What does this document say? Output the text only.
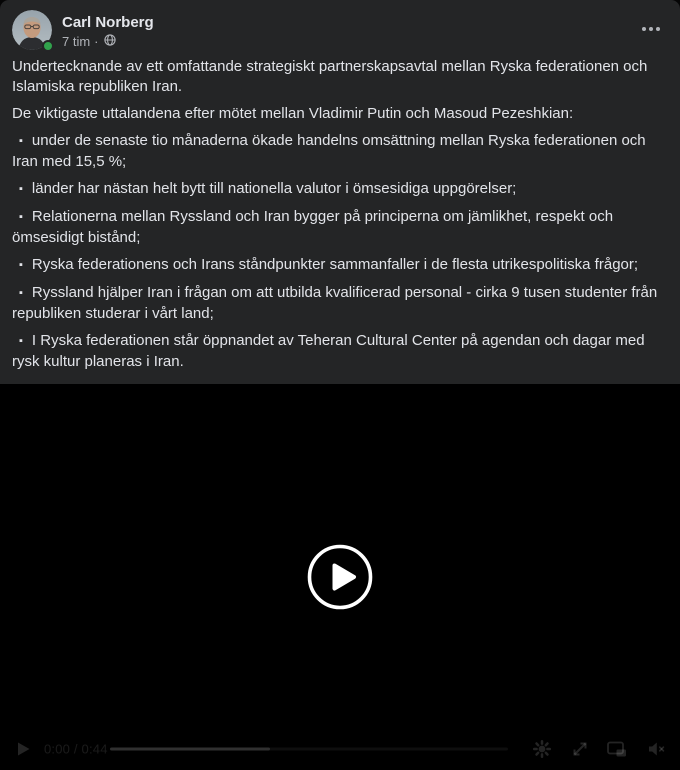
Carl Norberg
7 tim ·

Undertecknande av ett omfattande strategiskt partnerskapsavtal mellan Ryska federationen och Islamiska republiken Iran.

De viktigaste uttalandena efter mötet mellan Vladimir Putin och Masoud Pezeshkian:

▪ under de senaste tio månaderna ökade handelns omsättning mellan Ryska federationen och Iran med 15,5 %;

▪ länder har nästan helt bytt till nationella valutor i ömsesidiga uppgörelser;

▪ Relationerna mellan Ryssland och Iran bygger på principerna om jämlikhet, respekt och ömsesidigt bistånd;

▪ Ryska federationens och Irans ståndpunkter sammanfaller i de flesta utrikespolitiska frågor;

▪ Ryssland hjälper Iran i frågan om att utbilda kvalificerad personal - cirka 9 tusen studenter från republiken studerar i vårt land;

▪ I Ryska federationen står öppnandet av Teheran Cultural Center på agendan och dagar med rysk kultur planeras i Iran.

0:00 / 0:44
